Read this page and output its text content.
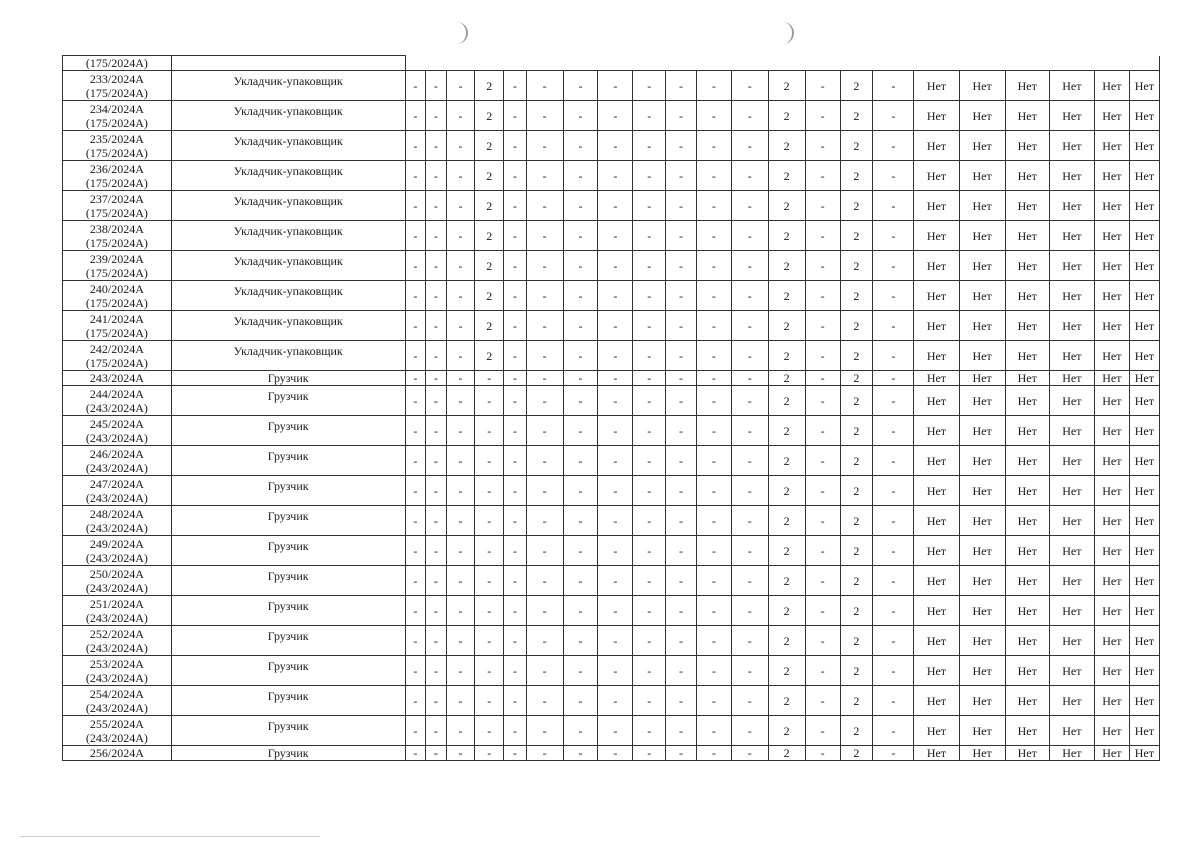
(175/2024А)																							

233/2024А
(175/2024А)	Укладчик-упаковщик	-	-	-	2	-	-	-	-	-	-	-	-	2	-	2	-	Нет	Нет	Нет	Нет	Нет	Нет

234/2024А
(175/2024А)	Укладчик-упаковщик	-	-	-	2	-	-	-	-	-	-	-	-	2	-	2	-	Нет	Нет	Нет	Нет	Нет	Нет

235/2024А
(175/2024А)	Укладчик-упаковщик	-	-	-	2	-	-	-	-	-	-	-	-	2	-	2	-	Нет	Нет	Нет	Нет	Нет	Нет

236/2024А
(175/2024А)	Укладчик-упаковщик	-	-	-	2	-	-	-	-	-	-	-	-	2	-	2	-	Нет	Нет	Нет	Нет	Нет	Нет

237/2024А
(175/2024А)	Укладчик-упаковщик	-	-	-	2	-	-	-	-	-	-	-	-	2	-	2	-	Нет	Нет	Нет	Нет	Нет	Нет

238/2024А
(175/2024А)	Укладчик-упаковщик	-	-	-	2	-	-	-	-	-	-	-	-	2	-	2	-	Нет	Нет	Нет	Нет	Нет	Нет

239/2024А
(175/2024А)	Укладчик-упаковщик	-	-	-	2	-	-	-	-	-	-	-	-	2	-	2	-	Нет	Нет	Нет	Нет	Нет	Нет

240/2024А
(175/2024А)	Укладчик-упаковщик	-	-	-	2	-	-	-	-	-	-	-	-	2	-	2	-	Нет	Нет	Нет	Нет	Нет	Нет

241/2024А
(175/2024А)	Укладчик-упаковщик	-	-	-	2	-	-	-	-	-	-	-	-	2	-	2	-	Нет	Нет	Нет	Нет	Нет	Нет

242/2024А
(175/2024А)	Укладчик-упаковщик	-	-	-	2	-	-	-	-	-	-	-	-	2	-	2	-	Нет	Нет	Нет	Нет	Нет	Нет

243/2024А	Грузчик	-	-	-	-	-	-	-	-	-	-	-	-	2	-	2	-	Нет	Нет	Нет	Нет	Нет	Нет

244/2024А
(243/2024А)	Грузчик	-	-	-	-	-	-	-	-	-	-	-	-	2	-	2	-	Нет	Нет	Нет	Нет	Нет	Нет

245/2024А
(243/2024А)	Грузчик	-	-	-	-	-	-	-	-	-	-	-	-	2	-	2	-	Нет	Нет	Нет	Нет	Нет	Нет

246/2024А
(243/2024А)	Грузчик	-	-	-	-	-	-	-	-	-	-	-	-	2	-	2	-	Нет	Нет	Нет	Нет	Нет	Нет

247/2024А
(243/2024А)	Грузчик	-	-	-	-	-	-	-	-	-	-	-	-	2	-	2	-	Нет	Нет	Нет	Нет	Нет	Нет

248/2024А
(243/2024А)	Грузчик	-	-	-	-	-	-	-	-	-	-	-	-	2	-	2	-	Нет	Нет	Нет	Нет	Нет	Нет

249/2024А
(243/2024А)	Грузчик	-	-	-	-	-	-	-	-	-	-	-	-	2	-	2	-	Нет	Нет	Нет	Нет	Нет	Нет

250/2024А
(243/2024А)	Грузчик	-	-	-	-	-	-	-	-	-	-	-	-	2	-	2	-	Нет	Нет	Нет	Нет	Нет	Нет

251/2024А
(243/2024А)	Грузчик	-	-	-	-	-	-	-	-	-	-	-	-	2	-	2	-	Нет	Нет	Нет	Нет	Нет	Нет

252/2024А
(243/2024А)	Грузчик	-	-	-	-	-	-	-	-	-	-	-	-	2	-	2	-	Нет	Нет	Нет	Нет	Нет	Нет

253/2024А
(243/2024А)	Грузчик	-	-	-	-	-	-	-	-	-	-	-	-	2	-	2	-	Нет	Нет	Нет	Нет	Нет	Нет

254/2024А
(243/2024А)	Грузчик	-	-	-	-	-	-	-	-	-	-	-	-	2	-	2	-	Нет	Нет	Нет	Нет	Нет	Нет

255/2024А
(243/2024А)	Грузчик	-	-	-	-	-	-	-	-	-	-	-	-	2	-	2	-	Нет	Нет	Нет	Нет	Нет	Нет

256/2024А	Грузчик	-	-	-	-	-	-	-	-	-	-	-	-	2	-	2	-	Нет	Нет	Нет	Нет	Нет	Нет
